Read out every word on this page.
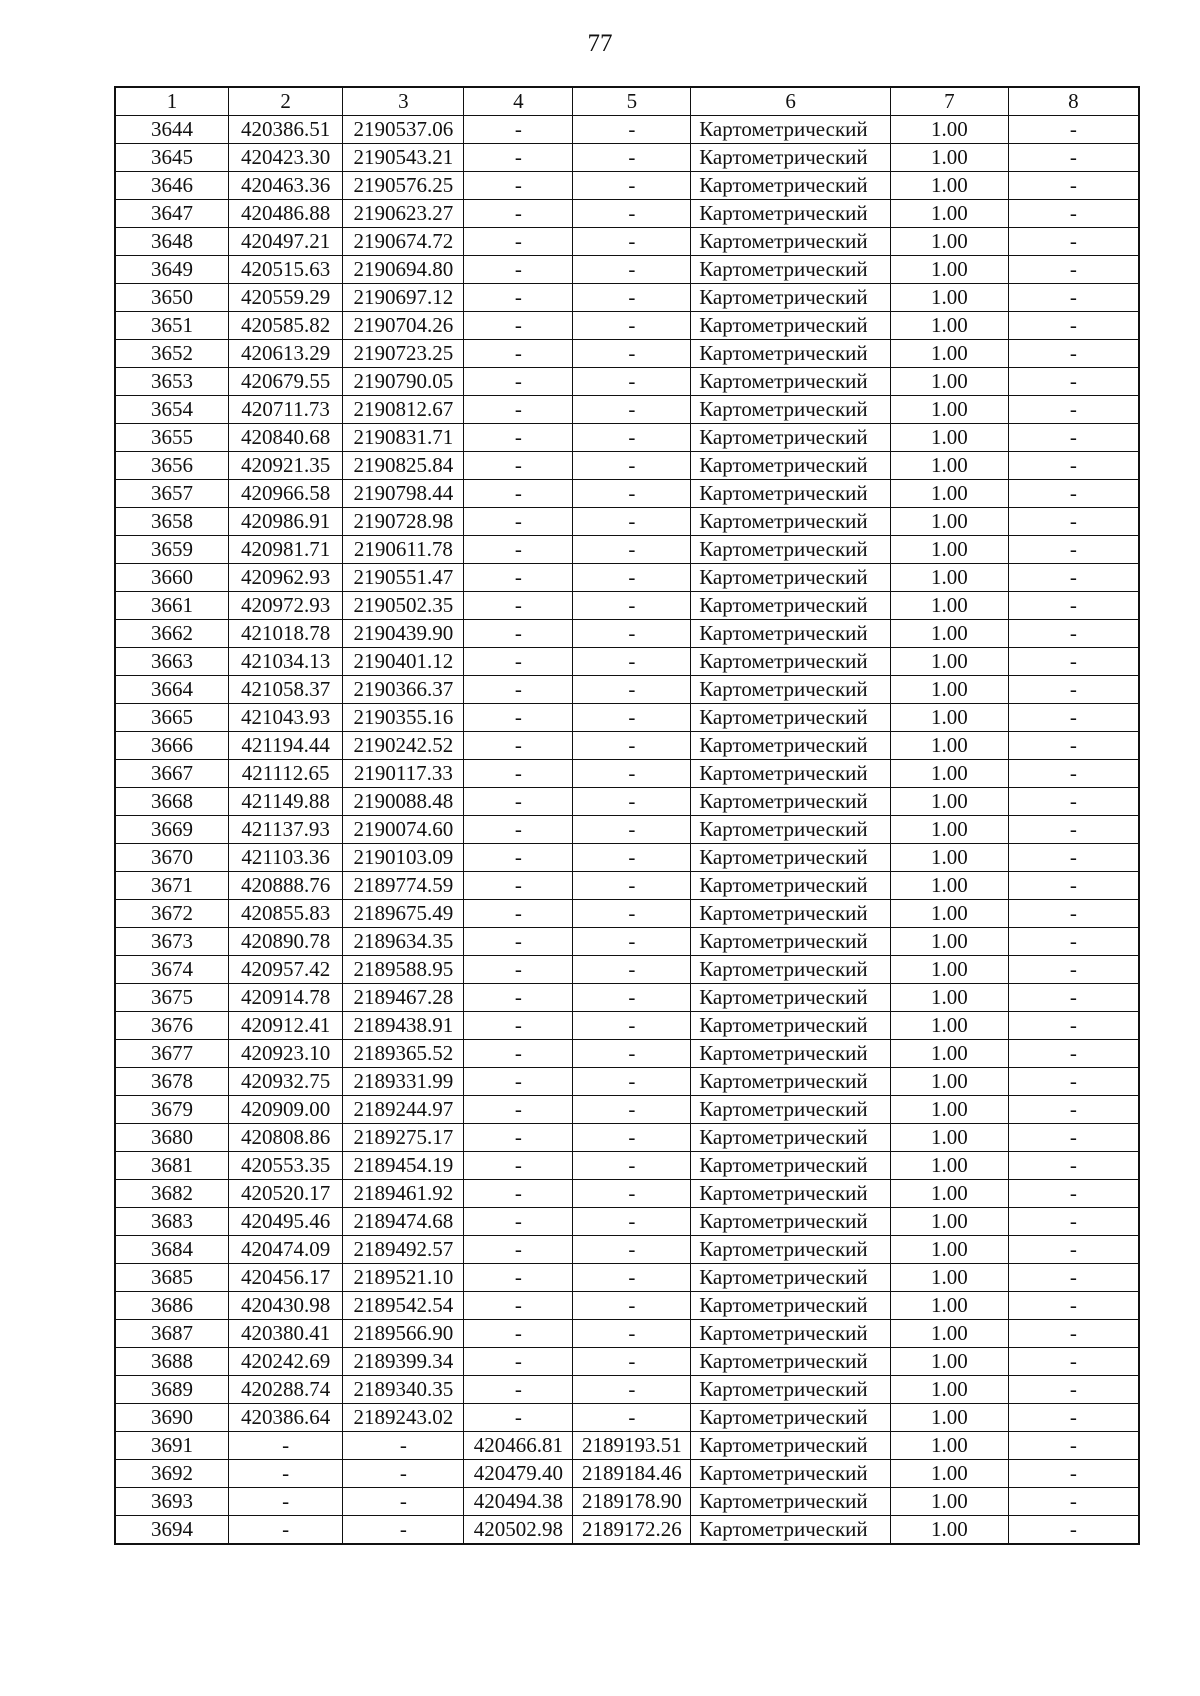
77
1	2	3	4	5	6	7	8
3644	420386.51	2190537.06	-	-	Картометрический	1.00	-
3645	420423.30	2190543.21	-	-	Картометрический	1.00	-
3646	420463.36	2190576.25	-	-	Картометрический	1.00	-
3647	420486.88	2190623.27	-	-	Картометрический	1.00	-
3648	420497.21	2190674.72	-	-	Картометрический	1.00	-
3649	420515.63	2190694.80	-	-	Картометрический	1.00	-
3650	420559.29	2190697.12	-	-	Картометрический	1.00	-
3651	420585.82	2190704.26	-	-	Картометрический	1.00	-
3652	420613.29	2190723.25	-	-	Картометрический	1.00	-
3653	420679.55	2190790.05	-	-	Картометрический	1.00	-
3654	420711.73	2190812.67	-	-	Картометрический	1.00	-
3655	420840.68	2190831.71	-	-	Картометрический	1.00	-
3656	420921.35	2190825.84	-	-	Картометрический	1.00	-
3657	420966.58	2190798.44	-	-	Картометрический	1.00	-
3658	420986.91	2190728.98	-	-	Картометрический	1.00	-
3659	420981.71	2190611.78	-	-	Картометрический	1.00	-
3660	420962.93	2190551.47	-	-	Картометрический	1.00	-
3661	420972.93	2190502.35	-	-	Картометрический	1.00	-
3662	421018.78	2190439.90	-	-	Картометрический	1.00	-
3663	421034.13	2190401.12	-	-	Картометрический	1.00	-
3664	421058.37	2190366.37	-	-	Картометрический	1.00	-
3665	421043.93	2190355.16	-	-	Картометрический	1.00	-
3666	421194.44	2190242.52	-	-	Картометрический	1.00	-
3667	421112.65	2190117.33	-	-	Картометрический	1.00	-
3668	421149.88	2190088.48	-	-	Картометрический	1.00	-
3669	421137.93	2190074.60	-	-	Картометрический	1.00	-
3670	421103.36	2190103.09	-	-	Картометрический	1.00	-
3671	420888.76	2189774.59	-	-	Картометрический	1.00	-
3672	420855.83	2189675.49	-	-	Картометрический	1.00	-
3673	420890.78	2189634.35	-	-	Картометрический	1.00	-
3674	420957.42	2189588.95	-	-	Картометрический	1.00	-
3675	420914.78	2189467.28	-	-	Картометрический	1.00	-
3676	420912.41	2189438.91	-	-	Картометрический	1.00	-
3677	420923.10	2189365.52	-	-	Картометрический	1.00	-
3678	420932.75	2189331.99	-	-	Картометрический	1.00	-
3679	420909.00	2189244.97	-	-	Картометрический	1.00	-
3680	420808.86	2189275.17	-	-	Картометрический	1.00	-
3681	420553.35	2189454.19	-	-	Картометрический	1.00	-
3682	420520.17	2189461.92	-	-	Картометрический	1.00	-
3683	420495.46	2189474.68	-	-	Картометрический	1.00	-
3684	420474.09	2189492.57	-	-	Картометрический	1.00	-
3685	420456.17	2189521.10	-	-	Картометрический	1.00	-
3686	420430.98	2189542.54	-	-	Картометрический	1.00	-
3687	420380.41	2189566.90	-	-	Картометрический	1.00	-
3688	420242.69	2189399.34	-	-	Картометрический	1.00	-
3689	420288.74	2189340.35	-	-	Картометрический	1.00	-
3690	420386.64	2189243.02	-	-	Картометрический	1.00	-
3691	-	-	420466.81	2189193.51	Картометрический	1.00	-
3692	-	-	420479.40	2189184.46	Картометрический	1.00	-
3693	-	-	420494.38	2189178.90	Картометрический	1.00	-
3694	-	-	420502.98	2189172.26	Картометрический	1.00	-
